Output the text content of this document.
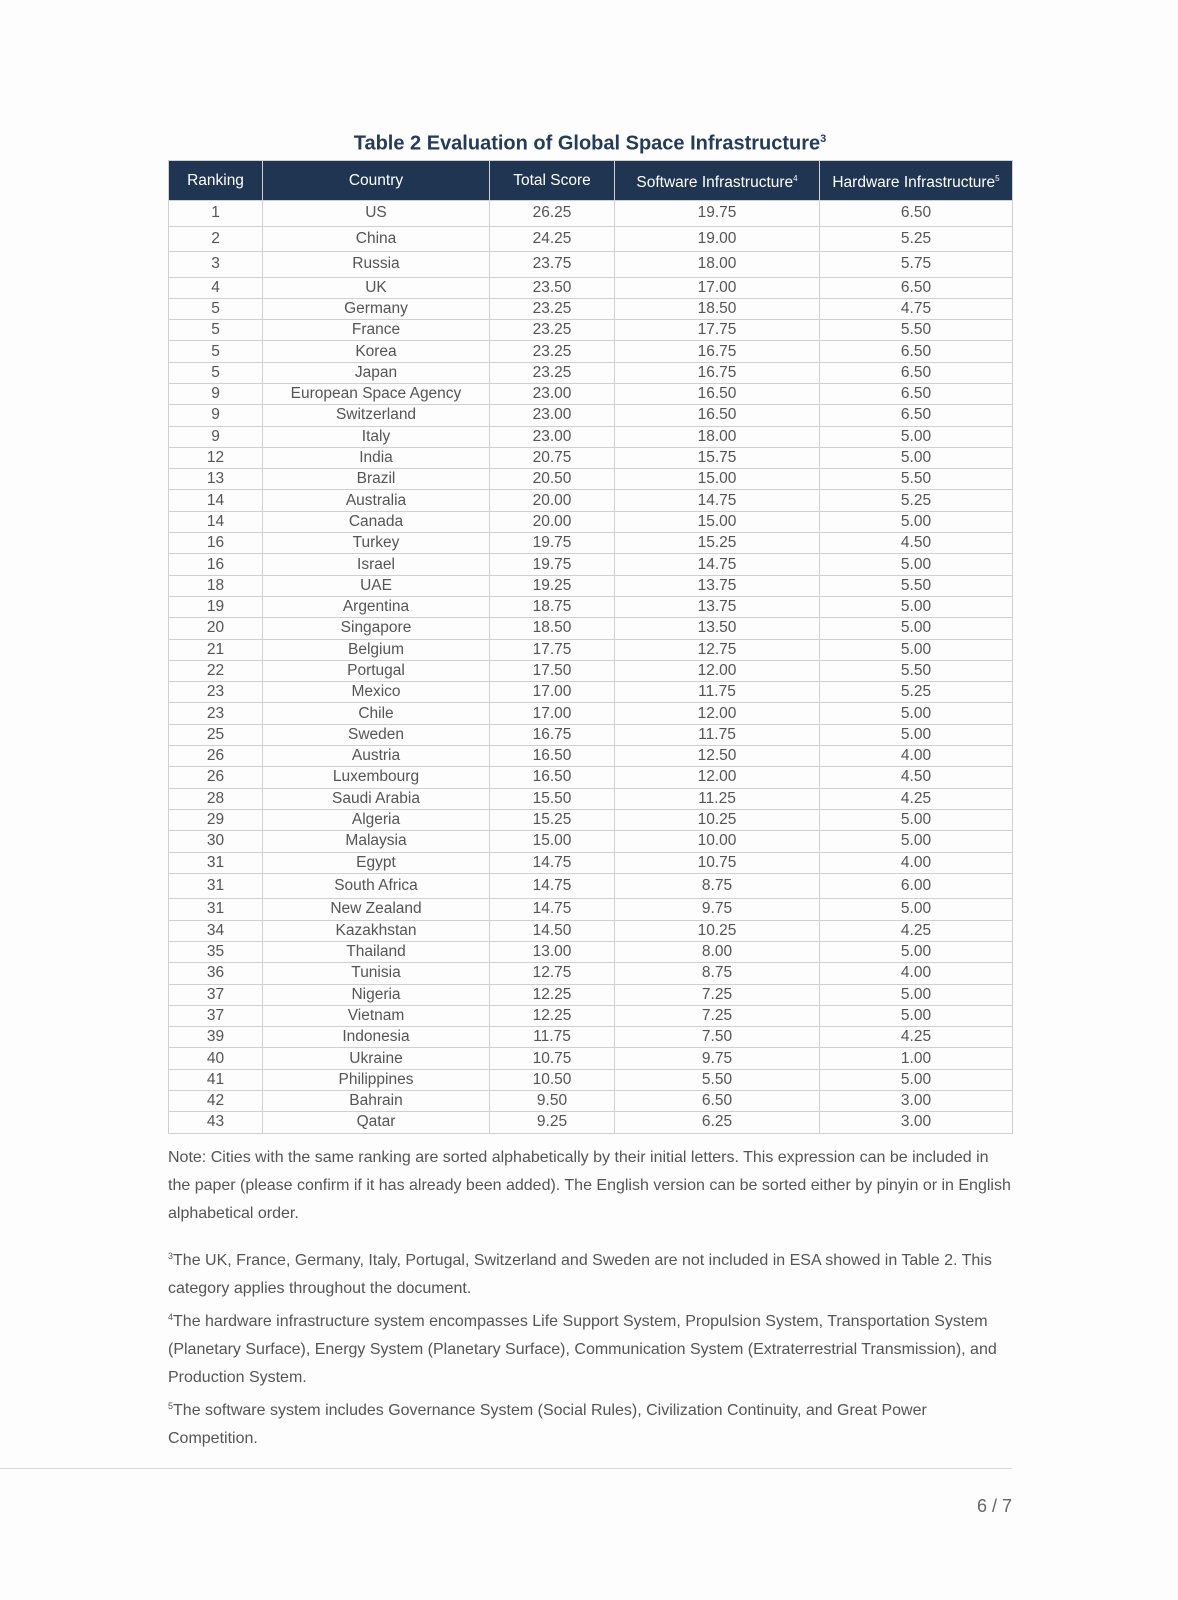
Table 2 Evaluation of Global Space Infrastructure$^3$
Ranking	Country	Total Score	Software Infrastructure$^4$	Hardware Infrastructure$^5$
1	US	26.25	19.75	6.50
2	China	24.25	19.00	5.25
3	Russia	23.75	18.00	5.75
4	UK	23.50	17.00	6.50
5	Germany	23.25	18.50	4.75
5	France	23.25	17.75	5.50
5	Korea	23.25	16.75	6.50
5	Japan	23.25	16.75	6.50
9	European Space Agency	23.00	16.50	6.50
9	Switzerland	23.00	16.50	6.50
9	Italy	23.00	18.00	5.00
12	India	20.75	15.75	5.00
13	Brazil	20.50	15.00	5.50
14	Australia	20.00	14.75	5.25
14	Canada	20.00	15.00	5.00
16	Turkey	19.75	15.25	4.50
16	Israel	19.75	14.75	5.00
18	UAE	19.25	13.75	5.50
19	Argentina	18.75	13.75	5.00
20	Singapore	18.50	13.50	5.00
21	Belgium	17.75	12.75	5.00
22	Portugal	17.50	12.00	5.50
23	Mexico	17.00	11.75	5.25
23	Chile	17.00	12.00	5.00
25	Sweden	16.75	11.75	5.00
26	Austria	16.50	12.50	4.00
26	Luxembourg	16.50	12.00	4.50
28	Saudi Arabia	15.50	11.25	4.25
29	Algeria	15.25	10.25	5.00
30	Malaysia	15.00	10.00	5.00
31	Egypt	14.75	10.75	4.00
31	South Africa	14.75	8.75	6.00
31	New Zealand	14.75	9.75	5.00
34	Kazakhstan	14.50	10.25	4.25
35	Thailand	13.00	8.00	5.00
36	Tunisia	12.75	8.75	4.00
37	Nigeria	12.25	7.25	5.00
37	Vietnam	12.25	7.25	5.00
39	Indonesia	11.75	7.50	4.25
40	Ukraine	10.75	9.75	1.00
41	Philippines	10.50	5.50	5.00
42	Bahrain	9.50	6.50	3.00
43	Qatar	9.25	6.25	3.00
Note: Cities with the same ranking are sorted alphabetically by their initial letters. This expression can be included in the paper (please confirm if it has already been added). The English version can be sorted either by pinyin or in English alphabetical order.
$^3$The UK, France, Germany, Italy, Portugal, Switzerland and Sweden are not included in ESA showed in Table 2. This category applies throughout the document.
$^4$The hardware infrastructure system encompasses Life Support System, Propulsion System, Transportation System (Planetary Surface), Energy System (Planetary Surface), Communication System (Extraterrestrial Transmission), and Production System.
$^5$The software system includes Governance System (Social Rules), Civilization Continuity, and Great Power Competition.
6 / 7
